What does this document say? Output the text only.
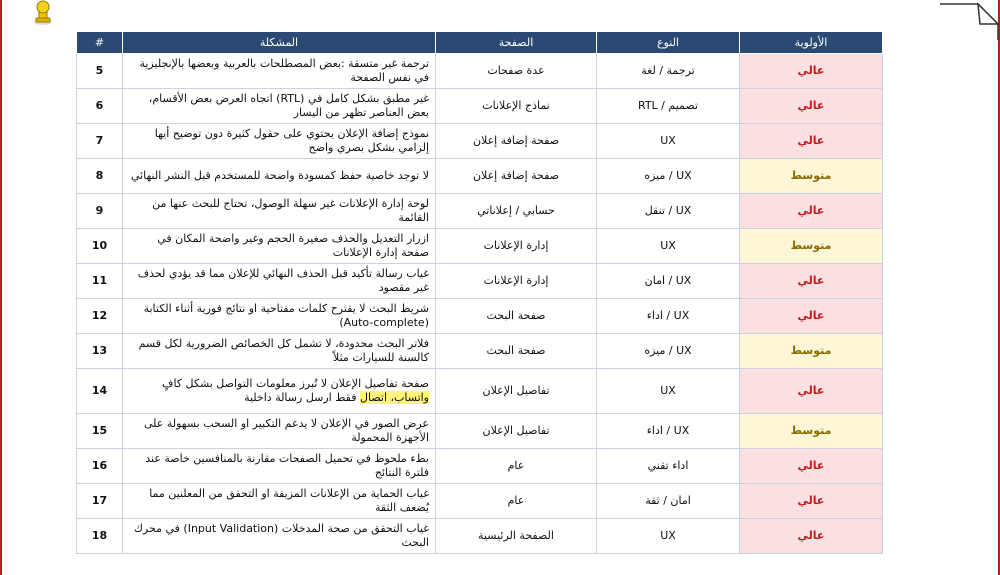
الأولوية	النوع	الصفحة	المشكلة	#
عالي	ترجمة / لغة	عدة صفحات	ترجمة غير متسقة :بعض المصطلحات بالعربية وبعضها بالإنجليزية في نفس الصفحة	5
عالي	تصميم / RTL	نماذج الإعلانات	غير مطبق بشكل كامل في (RTL) اتجاه العرض بعض الأقسام، بعض العناصر تظهر من اليسار	6
عالي	UX	صفحة إضافة إعلان	نموذج إضافة الإعلان يحتوي على حقول كثيرة دون توضيح أيها إلزامي بشكل بصري واضح	7
متوسط	UX / ميزه	صفحة إضافة إعلان	لا توجد خاصية حفظ كمسودة واضحة للمستخدم قبل النشر النهائي	8
عالي	UX / تنقل	حسابي / إعلاناتي	لوحة إدارة الإعلانات غير سهلة الوصول، تحتاج للبحث عنها من القائمة	9
متوسط	UX	إدارة الإعلانات	ازرار التعديل والحذف صغيرة الحجم وغير واضحة المكان في صفحة إدارة الإعلانات	10
عالي	UX / امان	إدارة الإعلانات	غياب رسالة تأكيد قبل الحذف النهائي للإعلان مما قد يؤدي لحذف غير مقصود	11
عالي	UX / اداء	صفحة البحث	شريط البحث لا يقترح كلمات مفتاحية او نتائج فورية أثناء الكتابة (Auto-complete)	12
متوسط	UX / ميزه	صفحة البحث	فلاتر البحث محدودة، لا تشمل كل الخصائص الضرورية لكل قسم كالسنة للسيارات مثلاً	13
عالي	UX	تفاصيل الإعلان	صفحة تفاصيل الإعلان لا تُبرز معلومات التواصل بشكل كافٍ واتساب، اتصال فقط ارسل رسالة داخلية	14
متوسط	UX / اداء	تفاصيل الإعلان	عرض الصور في الإعلان لا يدعم التكبير او السحب بسهولة على الأجهزة المحمولة	15
عالي	اداء تقني	عام	بطء ملحوظ في تحميل الصفحات مقارنة بالمنافسين خاصة عند فلترة النتائج	16
عالي	امان / ثقة	عام	غياب الحماية من الإعلانات المزيفة او التحقق من المعلنين مما يُضعف الثقة	17
عالي	UX	الصفحة الرئيسية	غياب التحقق من صحة المدخلات (Input Validation) في محرك البحث	18
